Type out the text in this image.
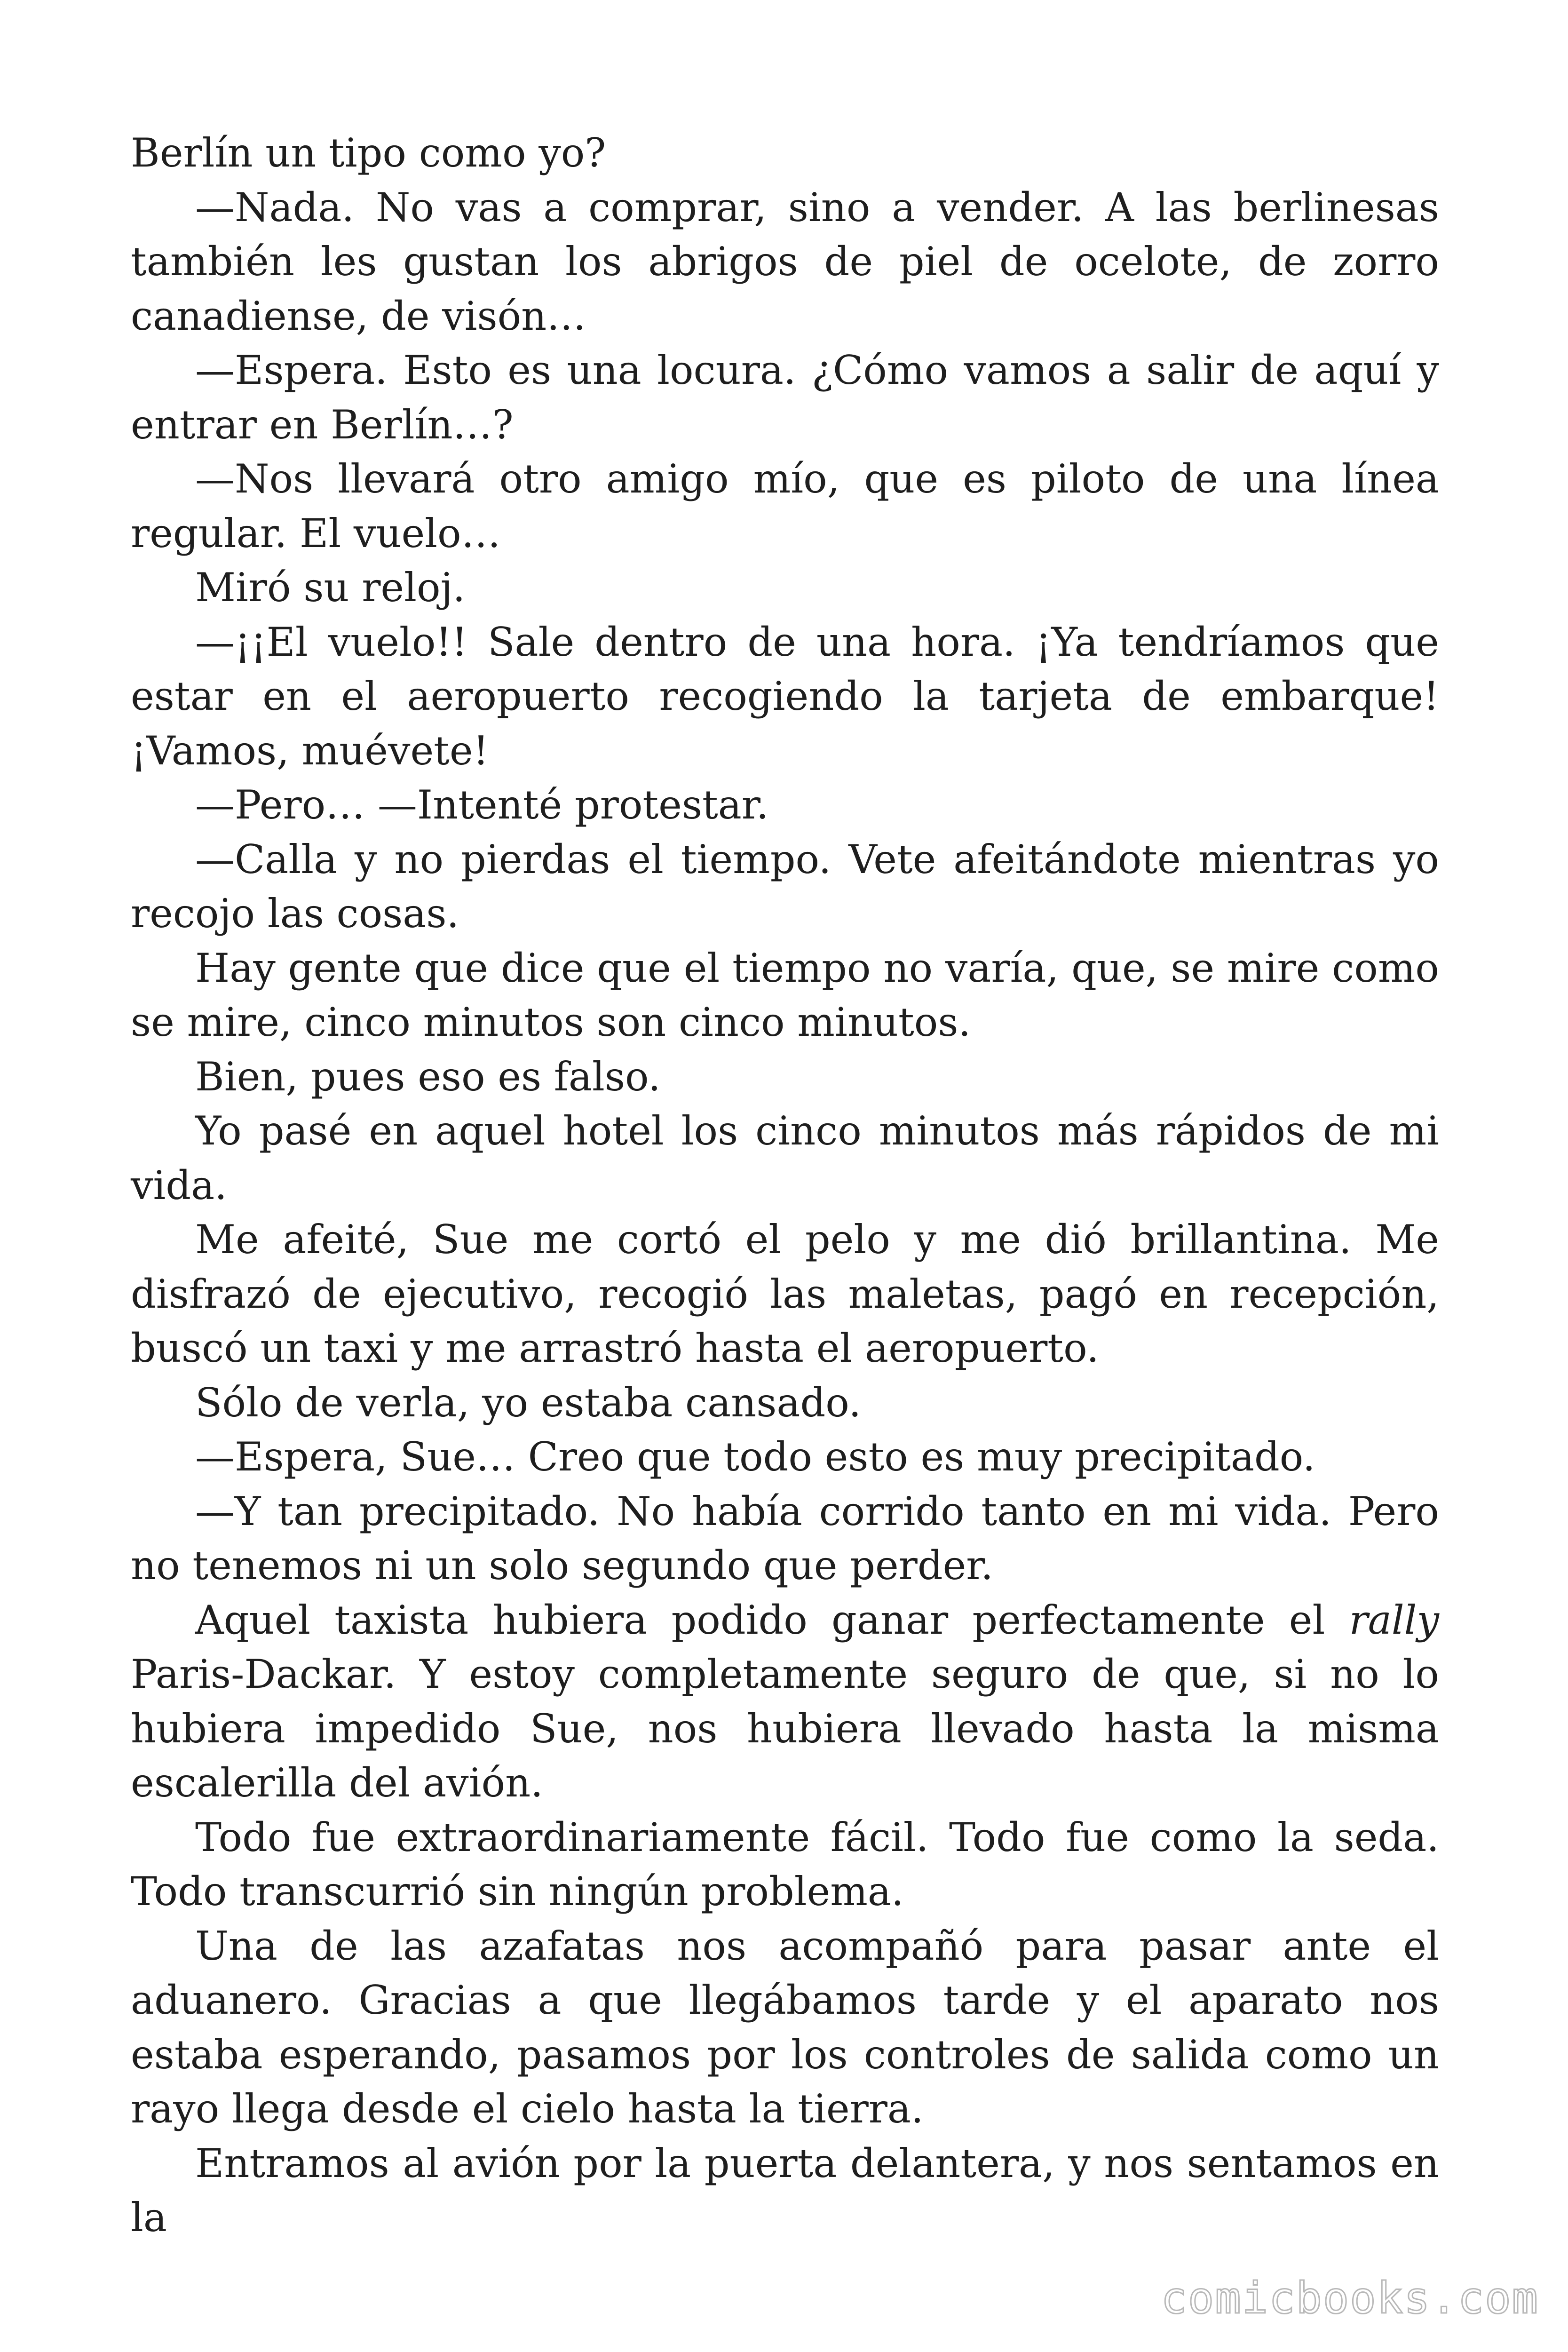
Berlín un tipo como yo?

—Nada. No vas a comprar, sino a vender. A las berlinesas también les gustan los abrigos de piel de ocelote, de zorro canadiense, de visón…

—Espera. Esto es una locura. ¿Cómo vamos a salir de aquí y entrar en Berlín…?

—Nos llevará otro amigo mío, que es piloto de una línea regular. El vuelo…

Miró su reloj.

—¡¡El vuelo!! Sale dentro de una hora. ¡Ya tendríamos que estar en el aeropuerto recogiendo la tarjeta de embarque! ¡Vamos, muévete!

—Pero… —Intenté protestar.

—Calla y no pierdas el tiempo. Vete afeitándote mientras yo recojo las cosas.

Hay gente que dice que el tiempo no varía, que, se mire como se mire, cinco minutos son cinco minutos.

Bien, pues eso es falso.

Yo pasé en aquel hotel los cinco minutos más rápidos de mi vida.

Me afeité, Sue me cortó el pelo y me dió brillantina. Me disfrazó de ejecutivo, recogió las maletas, pagó en recepción, buscó un taxi y me arrastró hasta el aeropuerto.

Sólo de verla, yo estaba cansado.

—Espera, Sue… Creo que todo esto es muy precipitado.

—Y tan precipitado. No había corrido tanto en mi vida. Pero no tenemos ni un solo segundo que perder.

Aquel taxista hubiera podido ganar perfectamente el rally Paris-Dackar. Y estoy completamente seguro de que, si no lo hubiera impedido Sue, nos hubiera llevado hasta la misma escalerilla del avión.

Todo fue extraordinariamente fácil. Todo fue como la seda. Todo transcurrió sin ningún problema.

Una de las azafatas nos acompañó para pasar ante el aduanero. Gracias a que llegábamos tarde y el aparato nos estaba esperando, pasamos por los controles de salida como un rayo llega desde el cielo hasta la tierra.

Entramos al avión por la puerta delantera, y nos sentamos en la

comicbooks.com
